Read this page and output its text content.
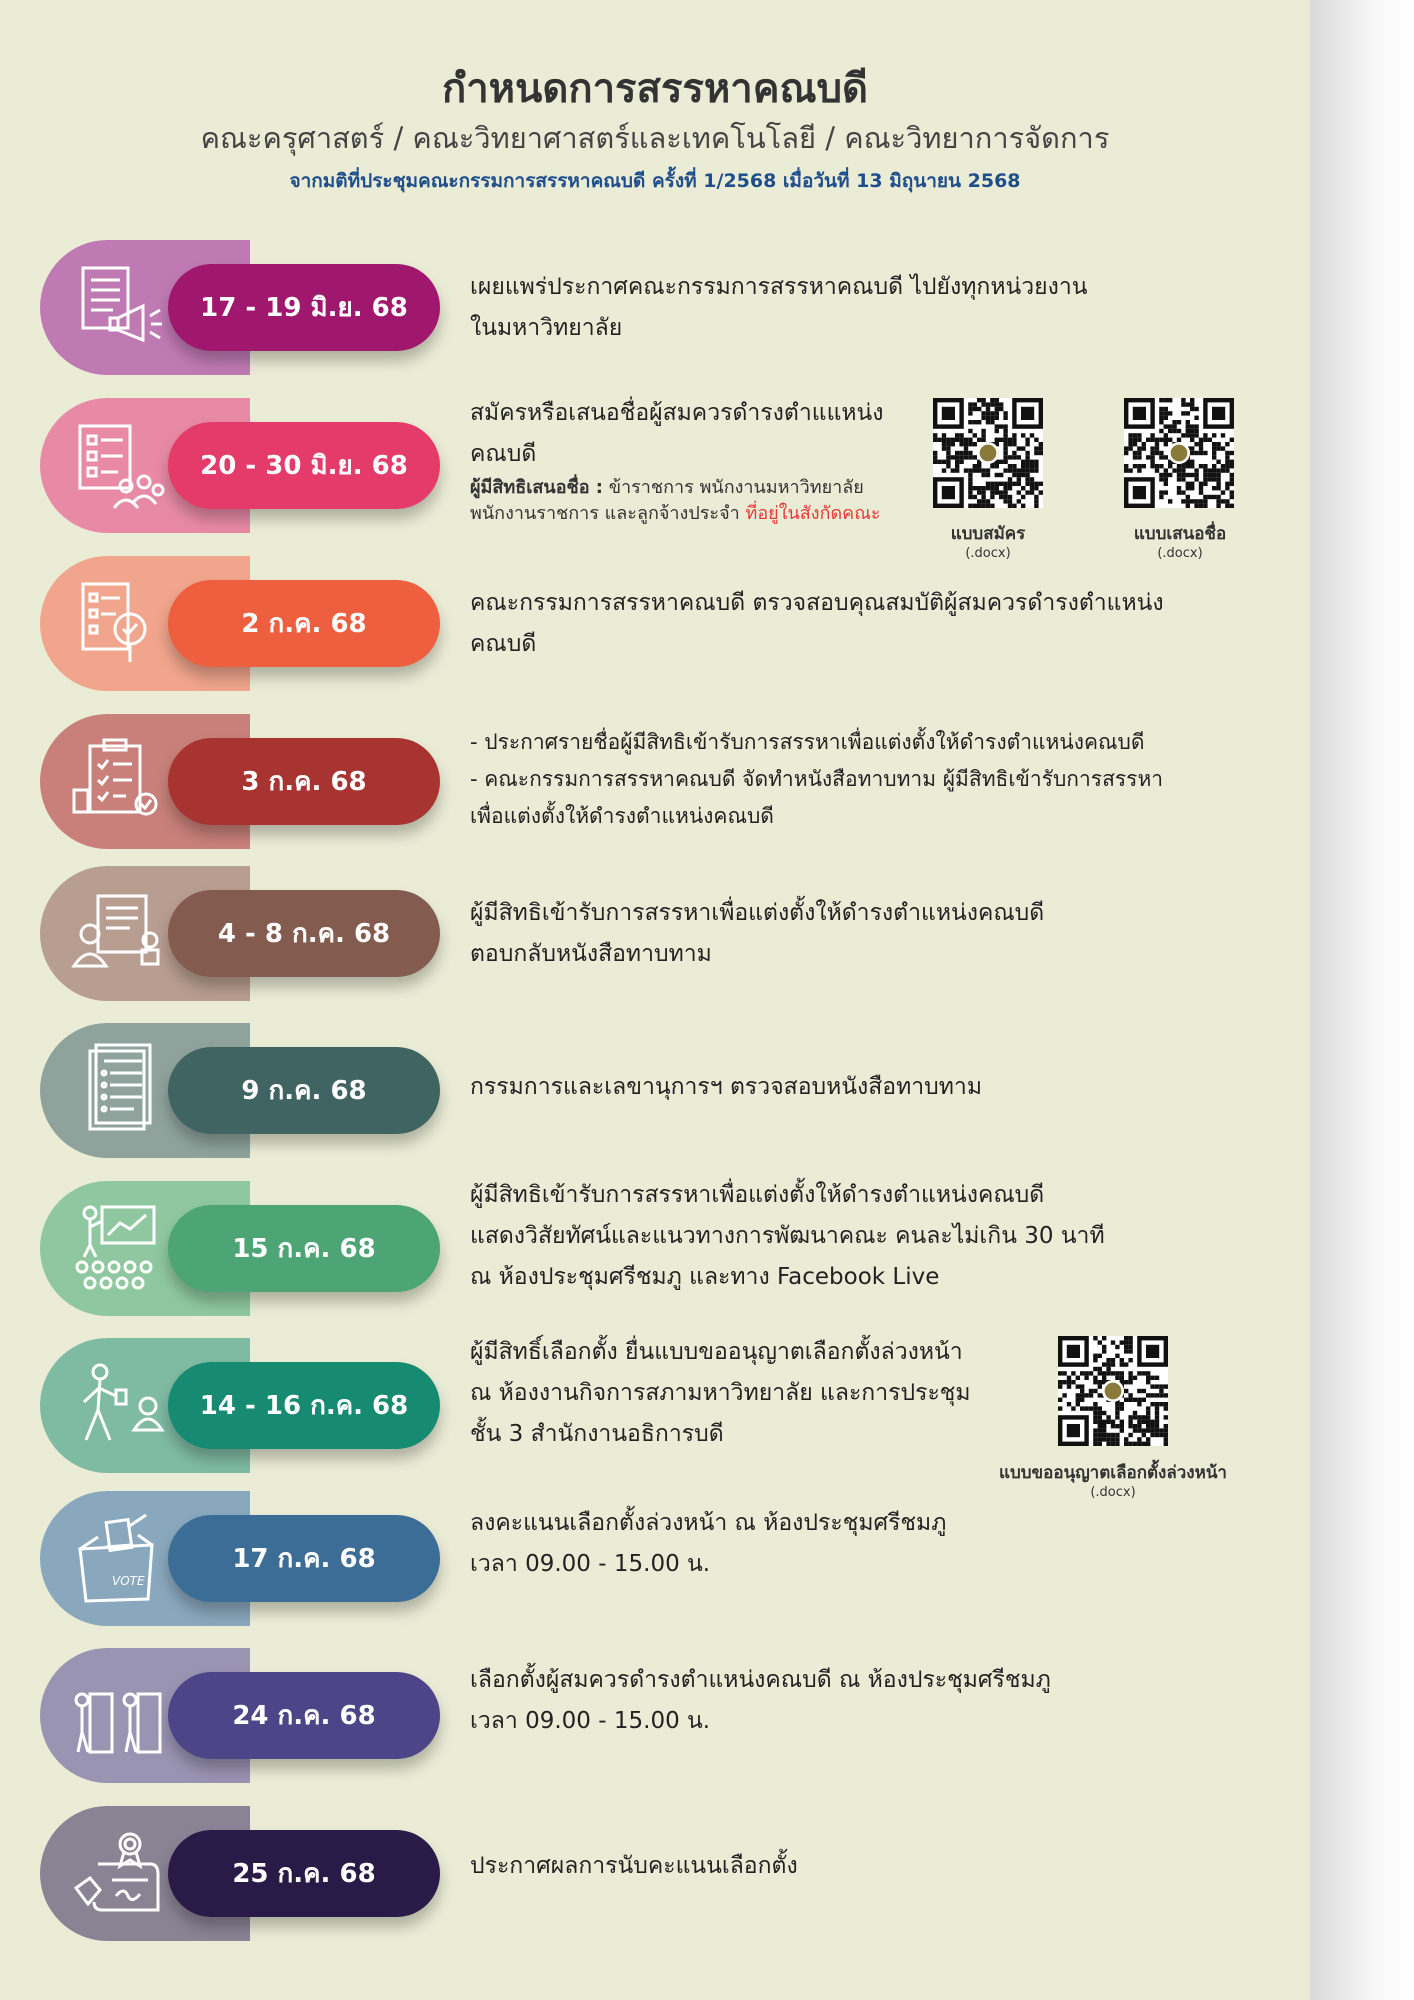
กำหนดการสรรหาคณบดี
คณะครุศาสตร์ / คณะวิทยาศาสตร์และเทคโนโลยี / คณะวิทยาการจัดการ
จากมติที่ประชุมคณะกรรมการสรรหาคณบดี ครั้งที่ 1/2568 เมื่อวันที่ 13 มิถุนายน 2568
17 - 19 มิ.ย. 68

เผยแพร่ประกาศคณะกรรมการสรรหาคณบดี ไปยังทุกหน่วยงาน

ในมหาวิทยาลัย

20 - 30 มิ.ย. 68

สมัครหรือเสนอชื่อผู้สมควรดำรงตำแแหน่ง

คณบดี

ผู้มีสิทธิเสนอชื่อ : ข้าราชการ พนักงานมหาวิทยาลัย

พนักงานราชการ และลูกจ้างประจำ ที่อยู่ในสังกัดคณะ

แบบสมัคร
(.docx)
แบบเสนอชื่อ
(.docx)
2 ก.ค. 68

คณะกรรมการสรรหาคณบดี ตรวจสอบคุณสมบัติผู้สมควรดำรงตำแหน่ง

คณบดี

3 ก.ค. 68

- ประกาศรายชื่อผู้มีสิทธิเข้ารับการสรรหาเพื่อแต่งตั้งให้ดำรงตำแหน่งคณบดี

- คณะกรรมการสรรหาคณบดี จัดทำหนังสือทาบทาม ผู้มีสิทธิเข้ารับการสรรหา

เพื่อแต่งตั้งให้ดำรงตำแหน่งคณบดี

4 - 8 ก.ค. 68

ผู้มีสิทธิเข้ารับการสรรหาเพื่อแต่งตั้งให้ดำรงตำแหน่งคณบดี

ตอบกลับหนังสือทาบทาม

9 ก.ค. 68	กรรมการและเลขานุการฯ ตรวจสอบหนังสือทาบทาม

15 ก.ค. 68

ผู้มีสิทธิเข้ารับการสรรหาเพื่อแต่งตั้งให้ดำรงตำแหน่งคณบดี

แสดงวิสัยทัศน์และแนวทางการพัฒนาคณะ คนละไม่เกิน 30 นาที

ณ ห้องประชุมศรีชมภู และทาง Facebook Live

14 - 16 ก.ค. 68

ผู้มีสิทธิ์เลือกตั้ง ยื่นแบบขออนุญาตเลือกตั้งล่วงหน้า

ณ ห้องงานกิจการสภามหาวิทยาลัย และการประชุม

ชั้น 3 สำนักงานอธิการบดี

แบบขออนุญาตเลือกตั้งล่วงหน้า
(.docx)
VOTE
17 ก.ค. 68

ลงคะแนนเลือกตั้งล่วงหน้า ณ ห้องประชุมศรีชมภู

เวลา 09.00 - 15.00 น.

24 ก.ค. 68

เลือกตั้งผู้สมควรดำรงตำแหน่งคณบดี ณ ห้องประชุมศรีชมภู

เวลา 09.00 - 15.00 น.

25 ก.ค. 68	ประกาศผลการนับคะแนนเลือกตั้ง
